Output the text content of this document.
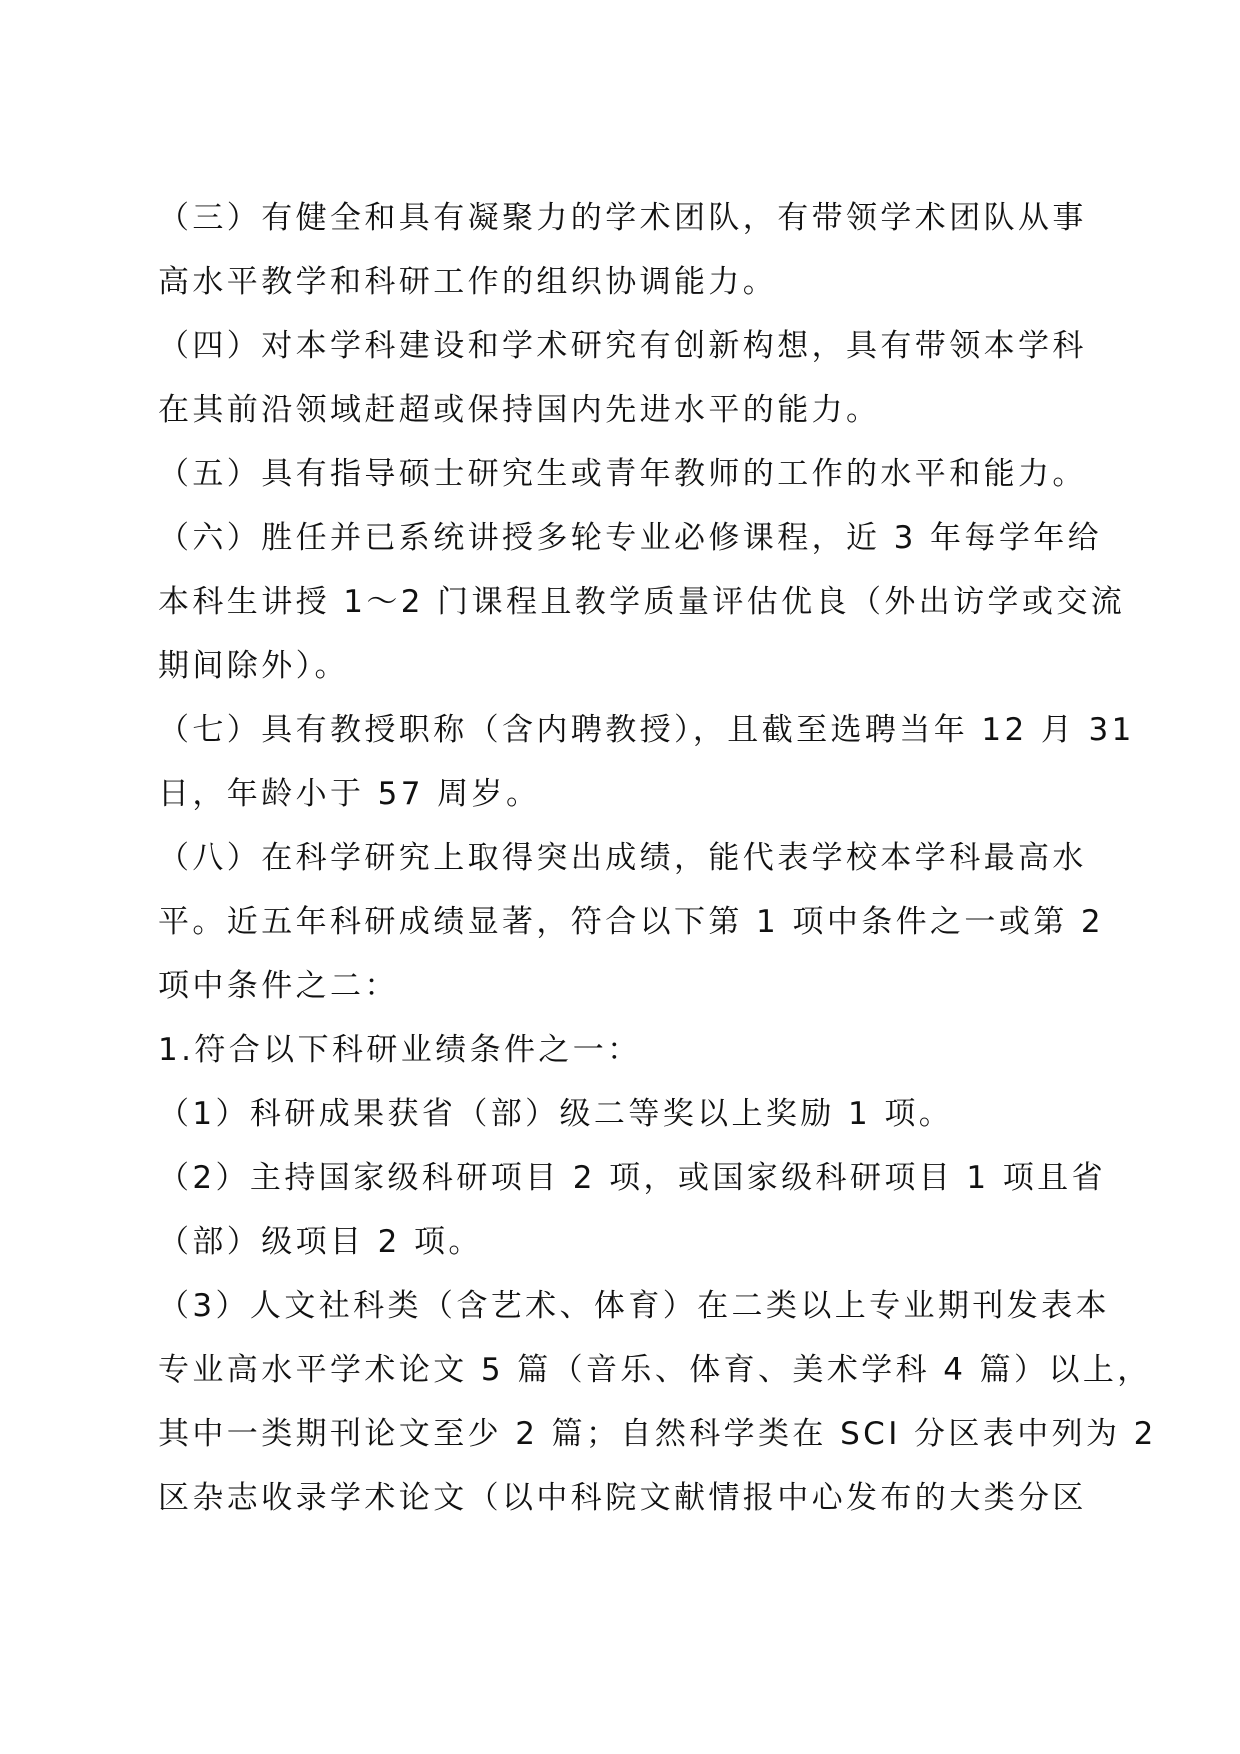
（三）有健全和具有凝聚力的学术团队，有带领学术团队从事
高水平教学和科研工作的组织协调能力。
（四）对本学科建设和学术研究有创新构想，具有带领本学科
在其前沿领域赶超或保持国内先进水平的能力。
（五）具有指导硕士研究生或青年教师的工作的水平和能力。
（六）胜任并已系统讲授多轮专业必修课程，近 3 年每学年给
本科生讲授 1～2 门课程且教学质量评估优良（外出访学或交流
期间除外）。
（七）具有教授职称（含内聘教授），且截至选聘当年 12 月 31
日，年龄小于 57 周岁。
（八）在科学研究上取得突出成绩，能代表学校本学科最高水
平。近五年科研成绩显著，符合以下第 1 项中条件之一或第 2
项中条件之二：
1.符合以下科研业绩条件之一：
（1）科研成果获省（部）级二等奖以上奖励 1 项。
（2）主持国家级科研项目 2 项，或国家级科研项目 1 项且省
（部）级项目 2 项。
（3）人文社科类（含艺术、体育）在二类以上专业期刊发表本
专业高水平学术论文 5 篇（音乐、体育、美术学科 4 篇）以上，
其中一类期刊论文至少 2 篇；自然科学类在 SCI 分区表中列为 2
区杂志收录学术论文（以中科院文献情报中心发布的大类分区
